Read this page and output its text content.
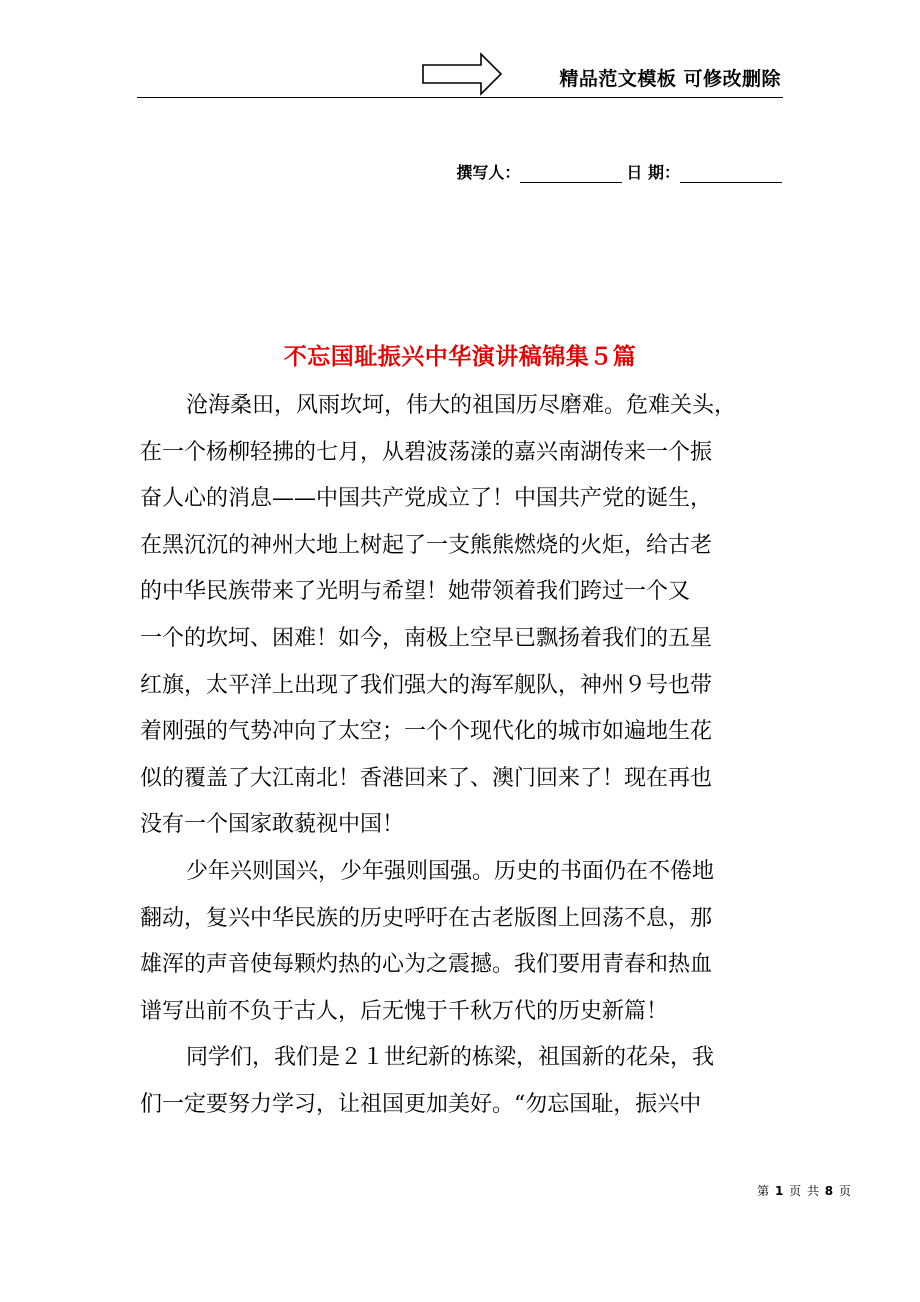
精品范文模板 可修改删除
撰写人：	日 期：
不忘国耻振兴中华演讲稿锦集５篇
沧海桑田，风雨坎坷，伟大的祖国历尽磨难。危难关头，
在一个杨柳轻拂的七月，从碧波荡漾的嘉兴南湖传来一个振
奋人心的消息——中国共产党成立了！中国共产党的诞生，
在黑沉沉的神州大地上树起了一支熊熊燃烧的火炬，给古老
的中华民族带来了光明与希望！她带领着我们跨过一个又
一个的坎坷、困难！如今，南极上空早已飘扬着我们的五星
红旗，太平洋上出现了我们强大的海军舰队，神州９号也带
着刚强的气势冲向了太空；一个个现代化的城市如遍地生花
似的覆盖了大江南北！香港回来了、澳门回来了！现在再也
没有一个国家敢藐视中国！
少年兴则国兴，少年强则国强。历史的书面仍在不倦地
翻动，复兴中华民族的历史呼吁在古老版图上回荡不息，那
雄浑的声音使每颗灼热的心为之震撼。我们要用青春和热血
谱写出前不负于古人，后无愧于千秋万代的历史新篇！
同学们，我们是２１世纪新的栋梁，祖国新的花朵，我
们一定要努力学习，让祖国更加美好。“勿忘国耻，振兴中
第 1 页 共 8 页
